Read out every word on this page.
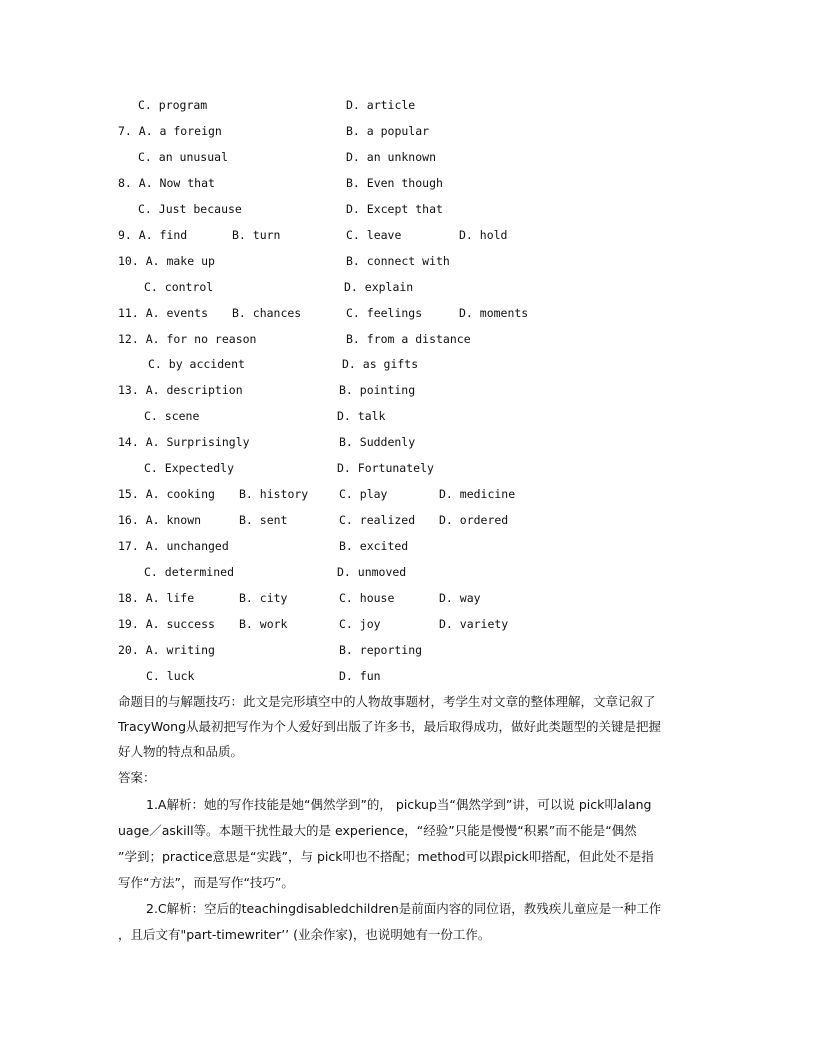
C. program	D. article
7. A. a foreign	B. a popular
C. an unusual	D. an unknown
8. A. Now that	B. Even though
C. Just because	D. Except that
9. A. find	B. turn	C. leave	D. hold
10. A. make up	B. connect with
C. control	D. explain
11. A. events B. chances	C. feelings	D. moments
12. A. for no reason	B. from a distance
C. by accident	D. as gifts
13. A. description	B. pointing
C. scene	D. talk
14. A. Surprisingly	B. Suddenly
C. Expectedly	D. Fortunately
15. A. cooking B. history	C. play	D. medicine
16. A. known	B. sent	C. realized D. ordered
17. A. unchanged	B. excited
C. determined	D. unmoved
18. A. life	B. city	C. house	D. way
19. A. success B. work	C. joy	D. variety
20. A. writing	B. reporting
C. luck	D. fun
命题目的与解题技巧：此文是完形填空中的人物故事题材，考学生对文章的整体理解，文章记叙了
TracyWong从最初把写作为个人爱好到出版了许多书，最后取得成功，做好此类题型的关键是把握
好人物的特点和品质。
答案：
1.A解析：她的写作技能是她“偶然学到”的， pickup当“偶然学到”讲，可以说 pick叩alang
uage／askill等。本题干扰性最大的是 experience，“经验”只能是慢慢“积累”而不能是“偶然
”学到；practice意思是“实践”，与 pick叩也不搭配；method可以跟pick叩搭配，但此处不是指
写作“方法”，而是写作“技巧”。
2.C解析：空后的teachingdisabledchildren是前面内容的同位语，教残疾儿童应是一种工作
，且后文有"part-timewriter’’ (业余作家)，也说明她有一份工作。
